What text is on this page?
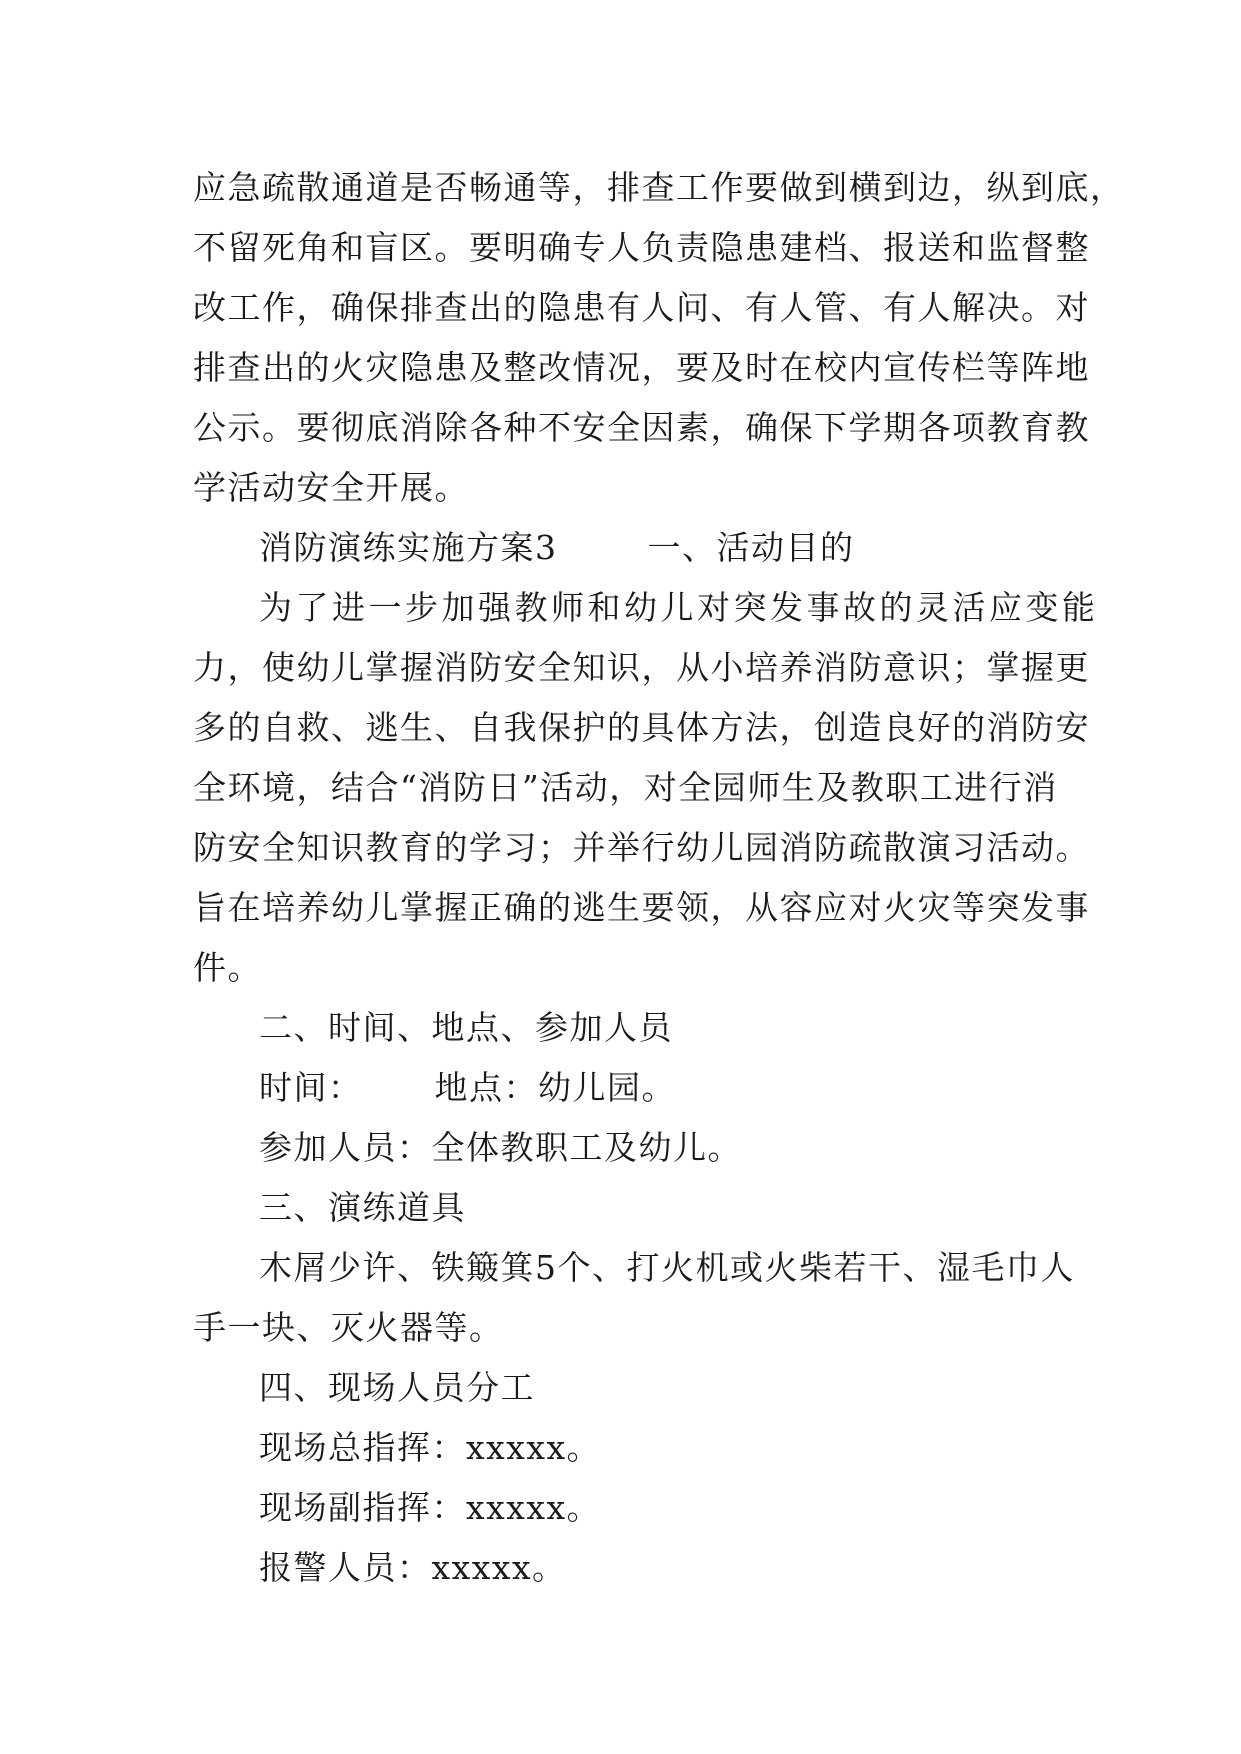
应急疏散通道是否畅通等，排查工作要做到横到边，纵到底，
不留死角和盲区。要明确专人负责隐患建档、报送和监督整
改工作，确保排查出的隐患有人问、有人管、有人解决。对
排查出的火灾隐患及整改情况，要及时在校内宣传栏等阵地
公示。要彻底消除各种不安全因素，确保下学期各项教育教
学活动安全开展。
消防演练实施方案3	一、活动目的
为了进一步加强教师和幼儿对突发事故的灵活应变能
力，使幼儿掌握消防安全知识，从小培养消防意识；掌握更
多的自救、逃生、自我保护的具体方法，创造良好的消防安
全环境，结合“消防日”活动，对全园师生及教职工进行消
防安全知识教育的学习；并举行幼儿园消防疏散演习活动。
旨在培养幼儿掌握正确的逃生要领，从容应对火灾等突发事
件。
二、时间、地点、参加人员
时间： 地点：幼儿园。
参加人员：全体教职工及幼儿。
三、演练道具
木屑少许、铁簸箕5个、打火机或火柴若干、湿毛巾人
手一块、灭火器等。
四、现场人员分工
现场总指挥：xxxxx。
现场副指挥：xxxxx。
报警人员：xxxxx。
